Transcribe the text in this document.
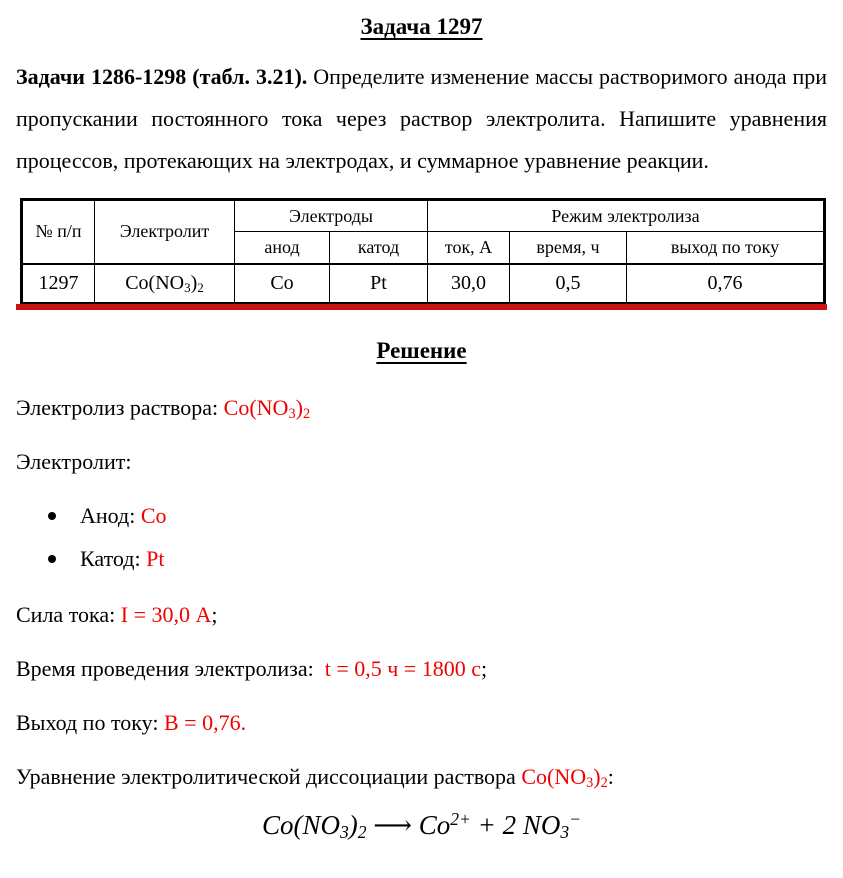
Задача 1297
Задачи 1286-1298 (табл. 3.21). Определите изменение массы растворимого анода при пропускании постоянного тока через раствор электролита. Напишите уравнения процессов, протекающих на электродах, и суммарное уравнение реакции.
№ п/п	Электролит	Электроды		Режим электролиза		
		анод	катод	ток, А	время, ч	выход по току
1297	$Co(NO_3)_2$	Co	Pt	30,0	0,5	0,76
Решение
Электролиз раствора: $Co(NO_3)_2$
Электролит:
Анод: Co
Катод: Pt
Сила тока: I = 30,0 А;
Время проведения электролиза:  t = 0,5 ч = 1800 с;
Выход по току: B = 0,76.
Уравнение электролитической диссоциации раствора $Co(NO_3)_2$:
$Co(NO_3)_2$ ⟶ $Co^{2+} + 2$ $NO_3^-$
